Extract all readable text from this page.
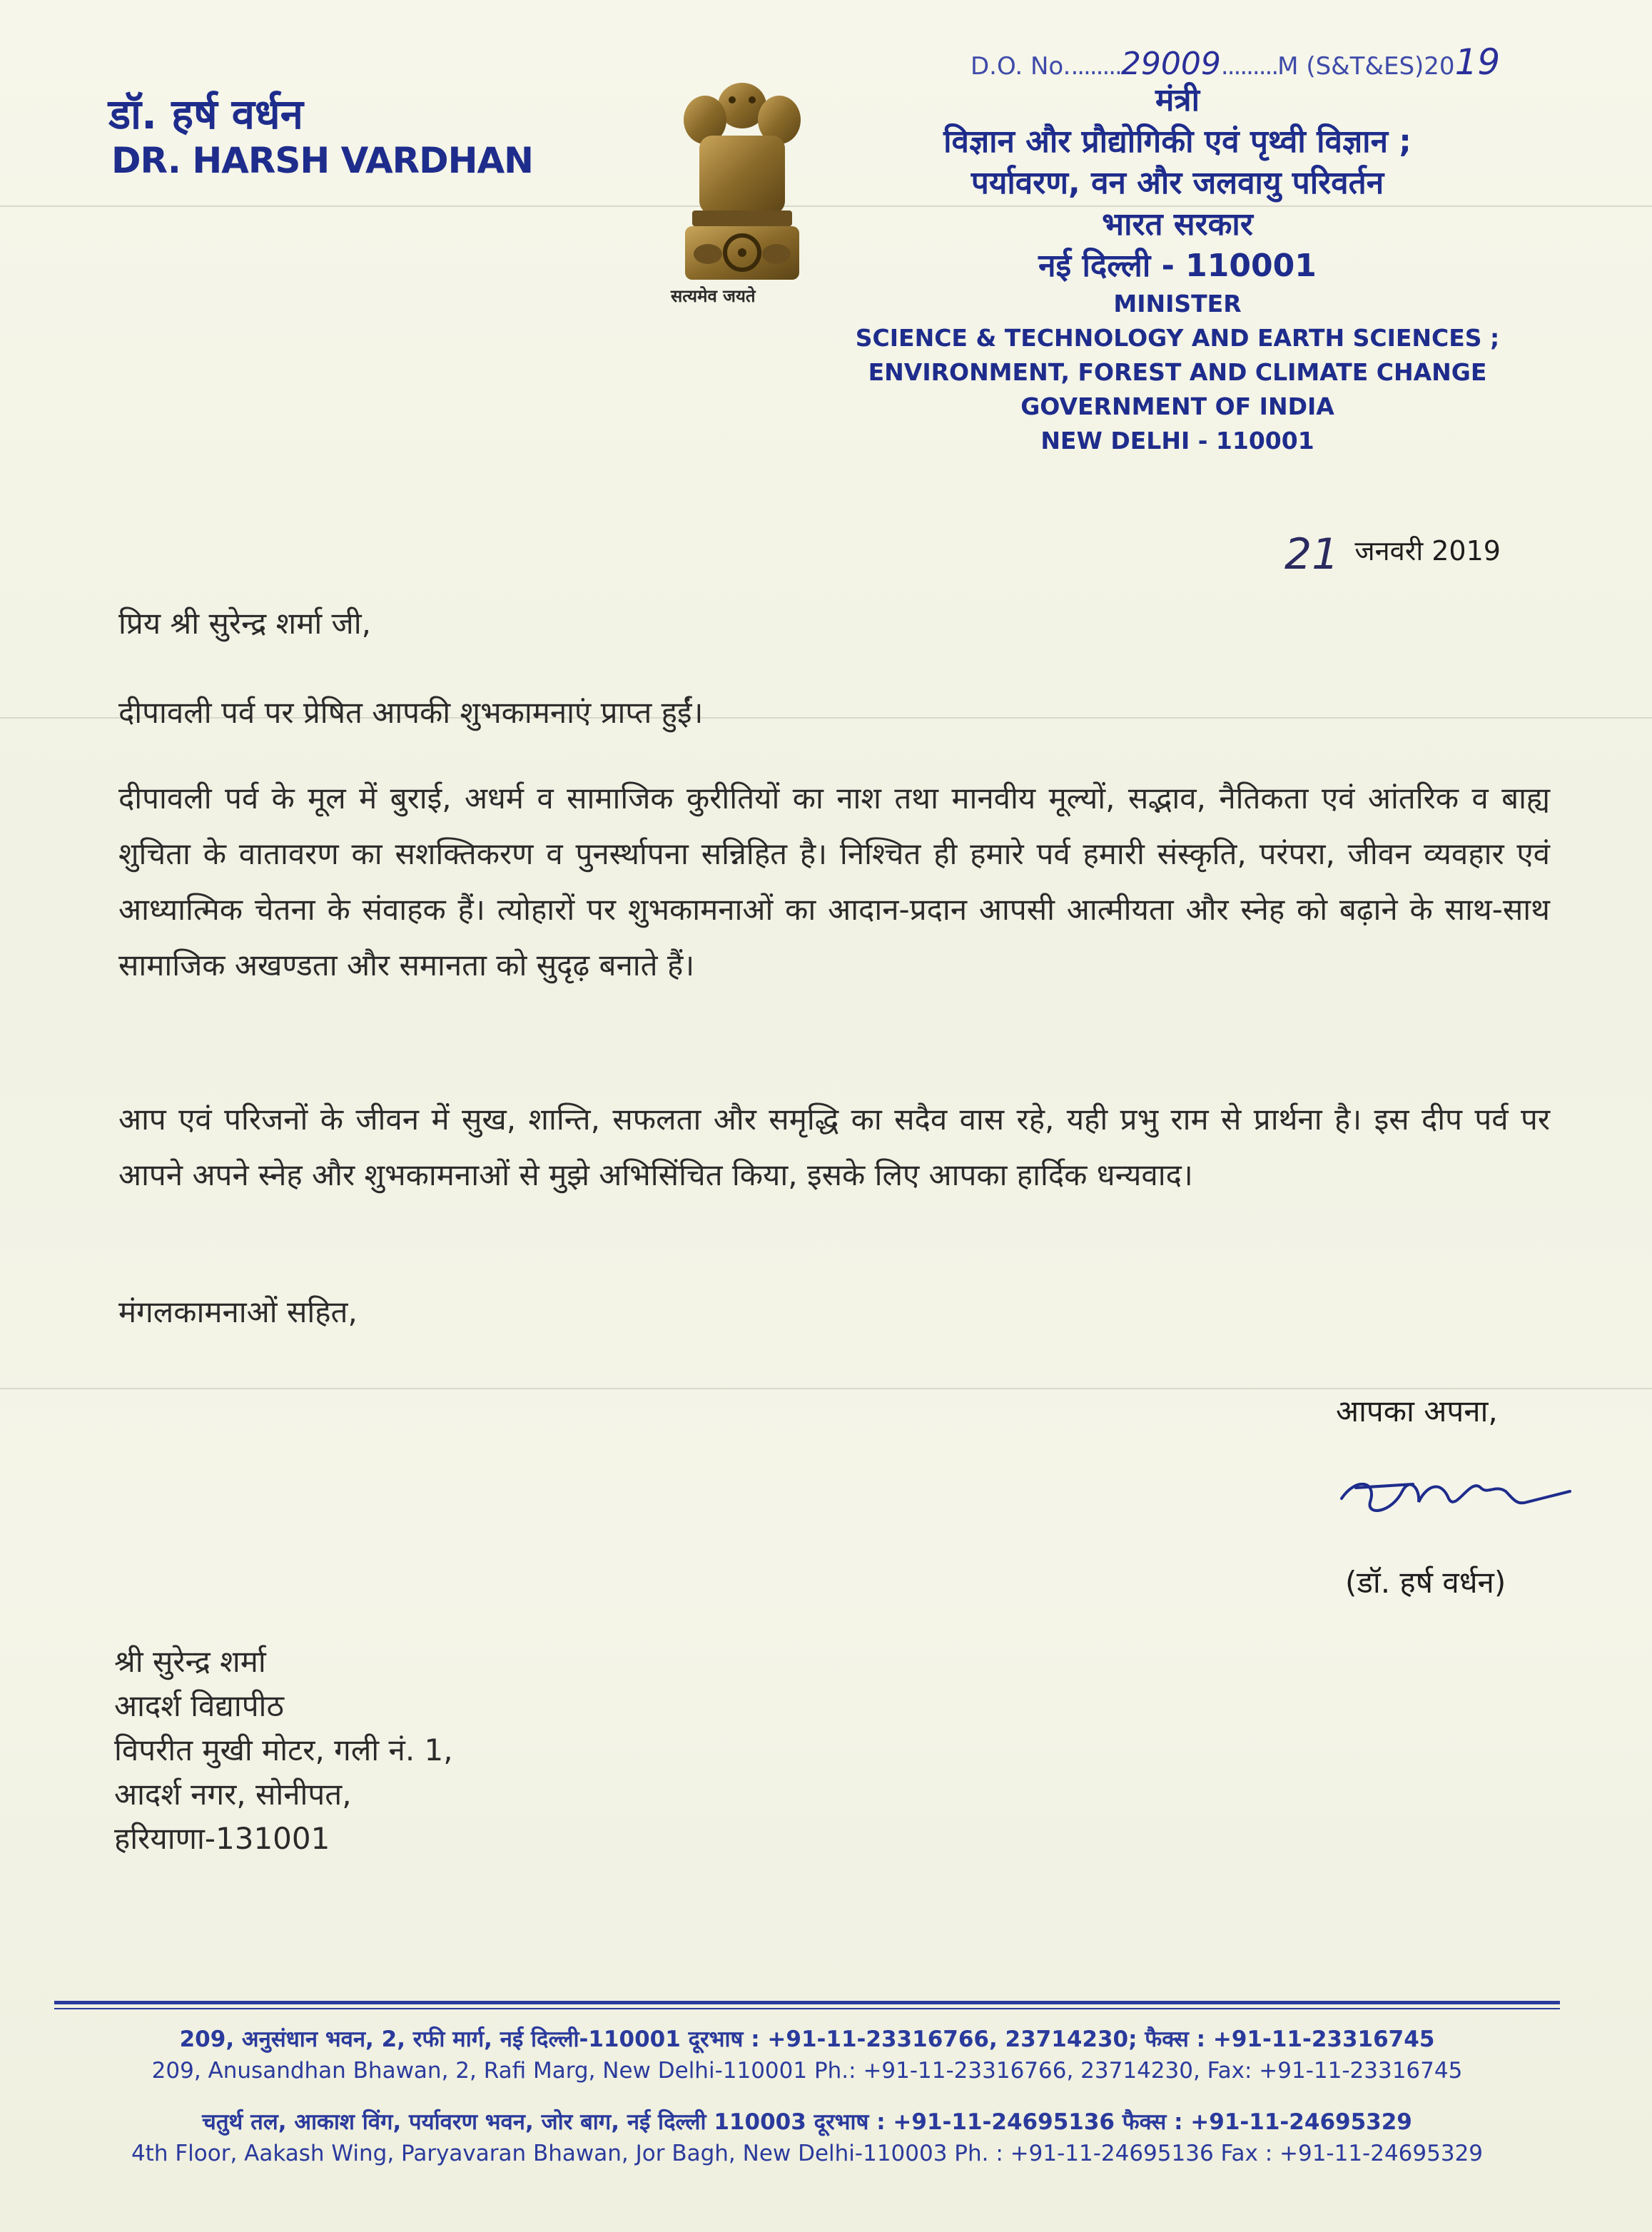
डॉ. हर्ष वर्धन
DR. HARSH VARDHAN
सत्यमेव जयते
D.O. No.........29009.........M (S&T&ES)2019
मंत्री
विज्ञान और प्रौद्योगिकी एवं पृथ्वी विज्ञान ;
पर्यावरण, वन और जलवायु परिवर्तन
भारत सरकार
नई दिल्ली - 110001
MINISTER
SCIENCE & TECHNOLOGY AND EARTH SCIENCES ;
ENVIRONMENT, FOREST AND CLIMATE CHANGE
GOVERNMENT OF INDIA
NEW DELHI - 110001
21 जनवरी 2019
प्रिय श्री सुरेन्द्र शर्मा जी,
दीपावली पर्व पर प्रेषित आपकी शुभकामनाएं प्राप्त हुईं।
दीपावली पर्व के मूल में बुराई, अधर्म व सामाजिक कुरीतियों का नाश तथा मानवीय मूल्यों, सद्भाव, नैतिकता एवं आंतरिक व बाह्य शुचिता के वातावरण का सशक्तिकरण व पुनर्स्थापना सन्निहित है। निश्चित ही हमारे पर्व हमारी संस्कृति, परंपरा, जीवन व्यवहार एवं आध्यात्मिक चेतना के संवाहक हैं। त्योहारों पर शुभकामनाओं का आदान-प्रदान आपसी आत्मीयता और स्नेह को बढ़ाने के साथ-साथ सामाजिक अखण्डता और समानता को सुदृढ़ बनाते हैं।
आप एवं परिजनों के जीवन में सुख, शान्ति, सफलता और समृद्धि का सदैव वास रहे, यही प्रभु राम से प्रार्थना है। इस दीप पर्व पर आपने अपने स्नेह और शुभकामनाओं से मुझे अभिसिंचित किया, इसके लिए आपका हार्दिक धन्यवाद।
मंगलकामनाओं सहित,
आपका अपना,
(डॉ. हर्ष वर्धन)
श्री सुरेन्द्र शर्मा
आदर्श विद्यापीठ
विपरीत मुखी मोटर, गली नं. 1,
आदर्श नगर, सोनीपत,
हरियाणा-131001
209, अनुसंधान भवन, 2, रफी मार्ग, नई दिल्ली-110001 दूरभाष : +91-11-23316766, 23714230; फैक्स : +91-11-23316745
209, Anusandhan Bhawan, 2, Rafi Marg, New Delhi-110001 Ph.: +91-11-23316766, 23714230, Fax: +91-11-23316745
चतुर्थ तल, आकाश विंग, पर्यावरण भवन, जोर बाग, नई दिल्ली 110003 दूरभाष : +91-11-24695136 फैक्स : +91-11-24695329
4th Floor, Aakash Wing, Paryavaran Bhawan, Jor Bagh, New Delhi-110003 Ph. : +91-11-24695136 Fax : +91-11-24695329
